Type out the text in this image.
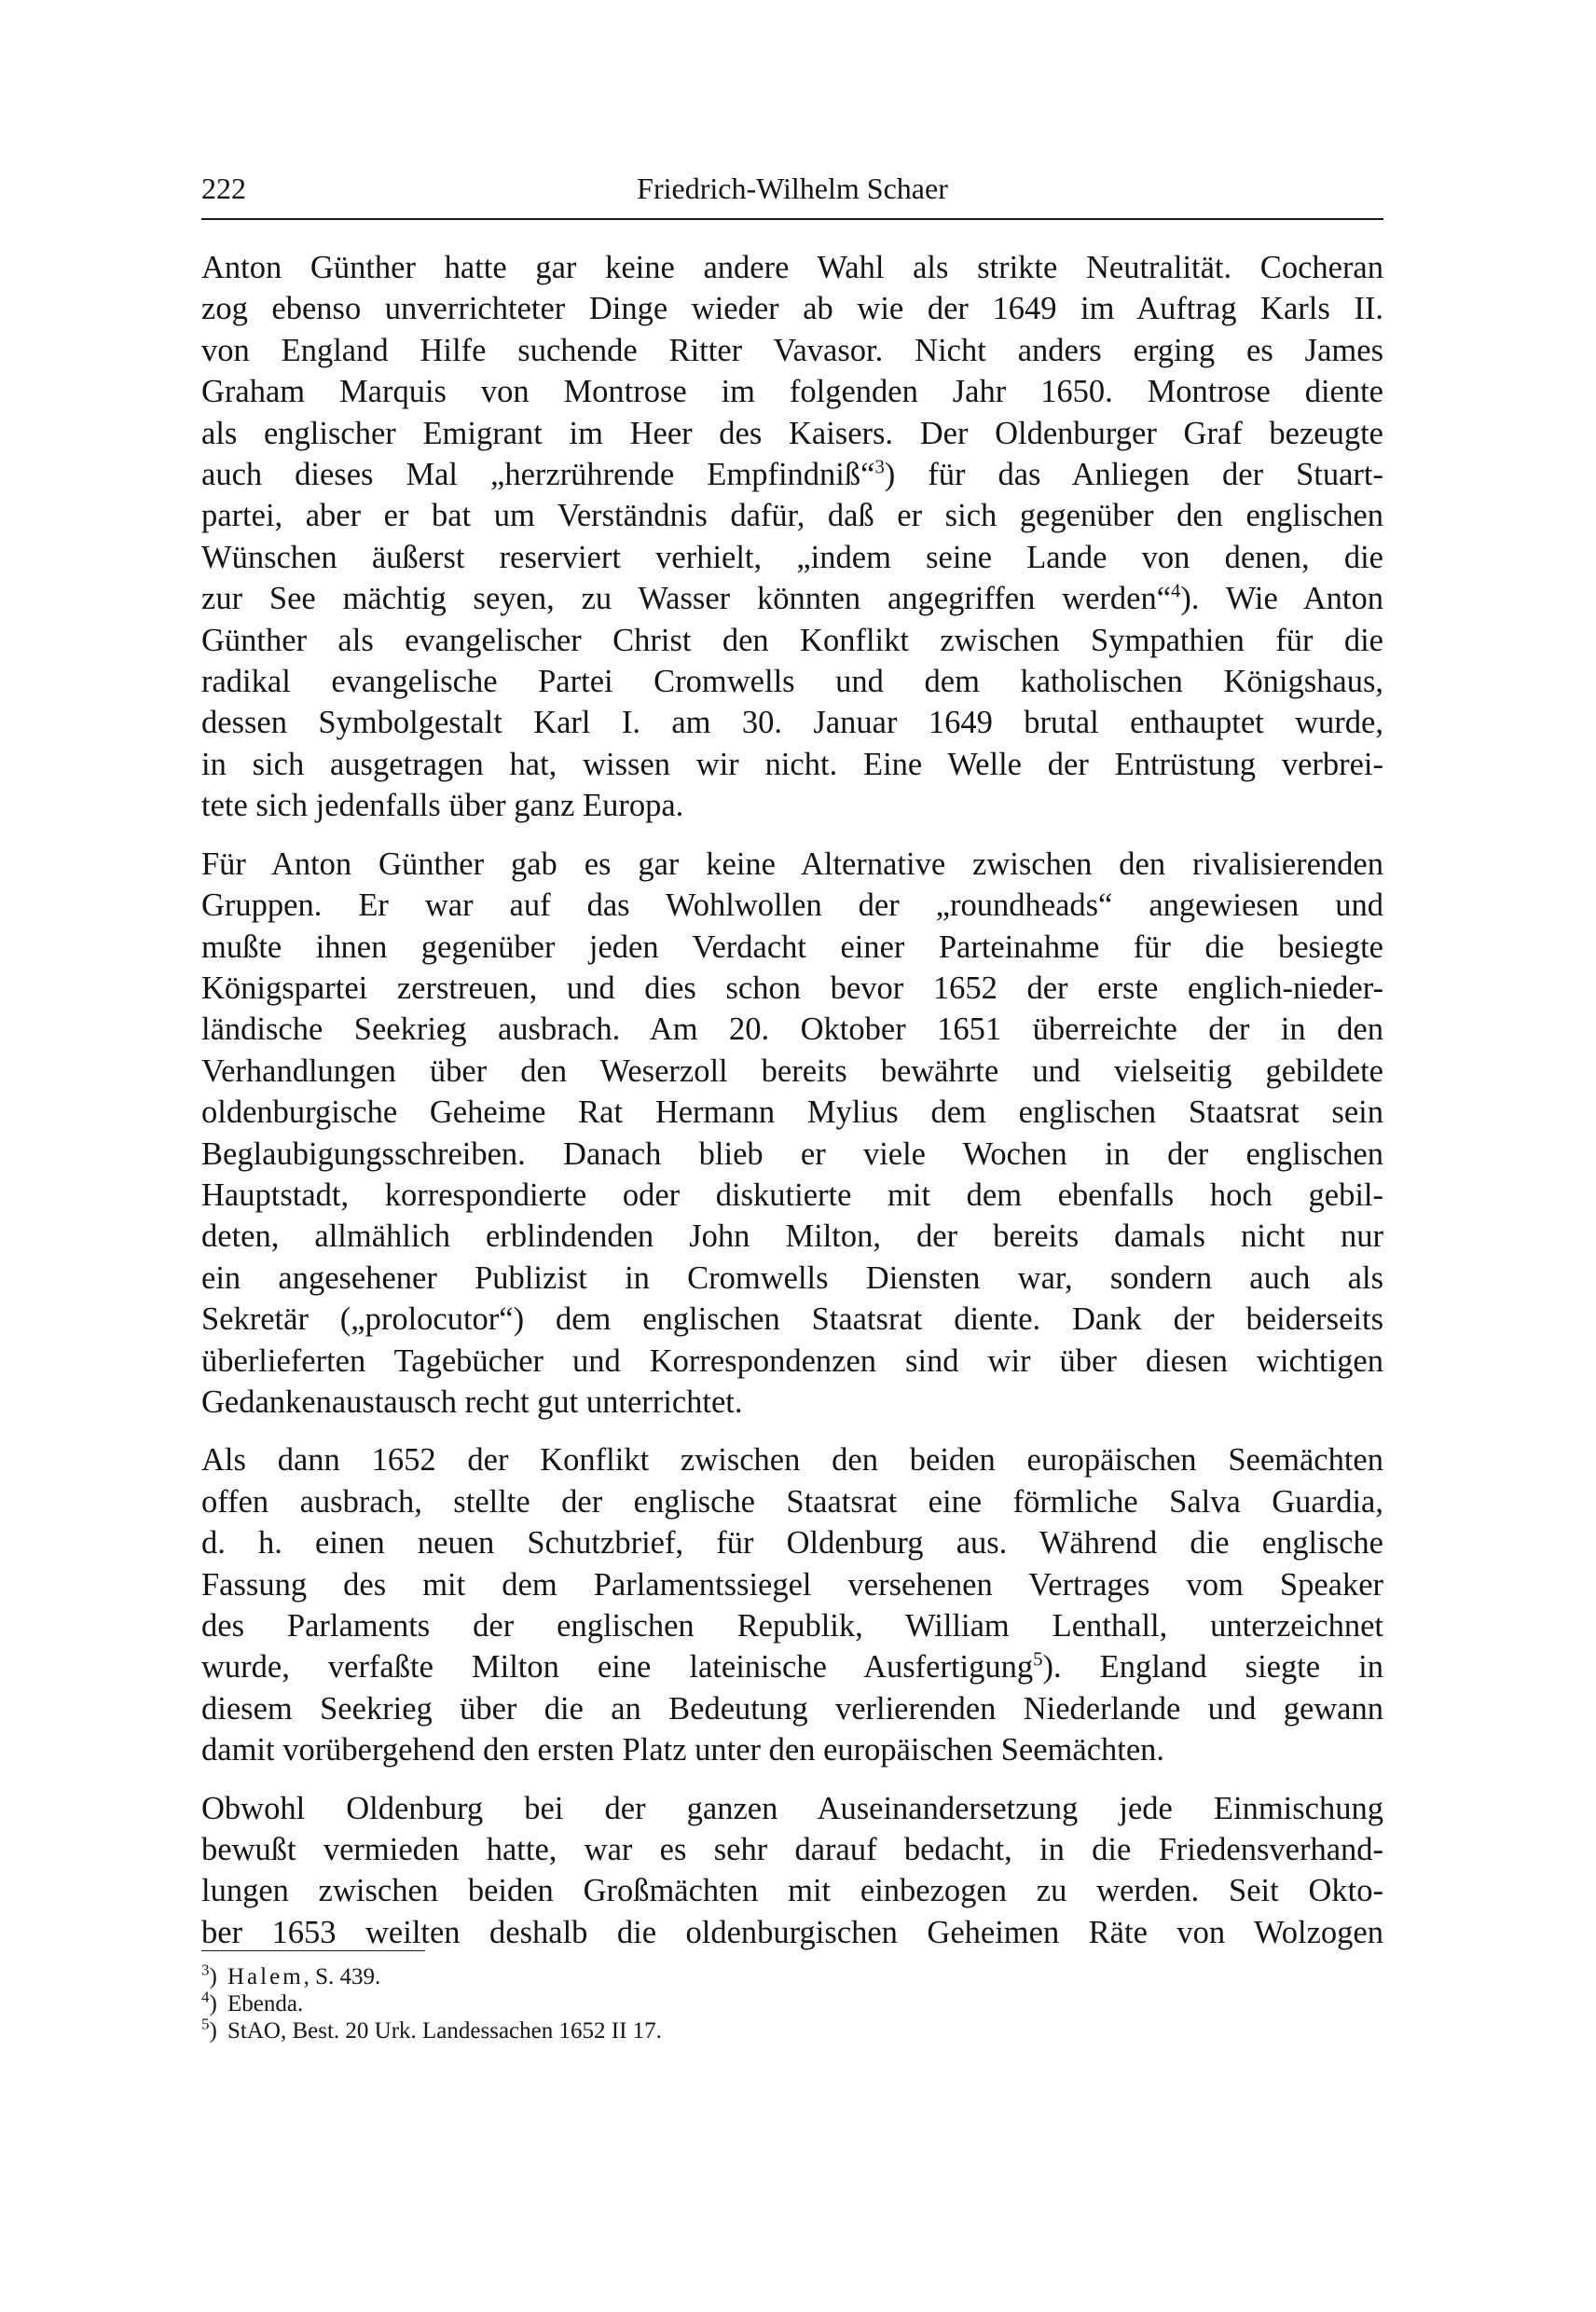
222	Friedrich-Wilhelm Schaer
Anton Günther hatte gar keine andere Wahl als strikte Neutralität. Cocheran
zog ebenso unverrichteter Dinge wieder ab wie der 1649 im Auftrag Karls II.
von England Hilfe suchende Ritter Vavasor. Nicht anders erging es James
Graham Marquis von Montrose im folgenden Jahr 1650. Montrose diente
als englischer Emigrant im Heer des Kaisers. Der Oldenburger Graf bezeugte
auch dieses Mal „herzrührende Empfindniß“$^3$) für das Anliegen der Stuart-
partei, aber er bat um Verständnis dafür, daß er sich gegenüber den englischen
Wünschen äußerst reserviert verhielt, „indem seine Lande von denen, die
zur See mächtig seyen, zu Wasser könnten angegriffen werden“$^4$). Wie Anton
Günther als evangelischer Christ den Konflikt zwischen Sympathien für die
radikal evangelische Partei Cromwells und dem katholischen Königshaus,
dessen Symbolgestalt Karl I. am 30. Januar 1649 brutal enthauptet wurde,
in sich ausgetragen hat, wissen wir nicht. Eine Welle der Entrüstung verbrei-
tete sich jedenfalls über ganz Europa.
Für Anton Günther gab es gar keine Alternative zwischen den rivalisierenden
Gruppen. Er war auf das Wohlwollen der „roundheads“ angewiesen und
mußte ihnen gegenüber jeden Verdacht einer Parteinahme für die besiegte
Königspartei zerstreuen, und dies schon bevor 1652 der erste englich-nieder-
ländische Seekrieg ausbrach. Am 20. Oktober 1651 überreichte der in den
Verhandlungen über den Weserzoll bereits bewährte und vielseitig gebildete
oldenburgische Geheime Rat Hermann Mylius dem englischen Staatsrat sein
Beglaubigungsschreiben. Danach blieb er viele Wochen in der englischen
Hauptstadt, korrespondierte oder diskutierte mit dem ebenfalls hoch gebil-
deten, allmählich erblindenden John Milton, der bereits damals nicht nur
ein angesehener Publizist in Cromwells Diensten war, sondern auch als
Sekretär („prolocutor“) dem englischen Staatsrat diente. Dank der beiderseits
überlieferten Tagebücher und Korrespondenzen sind wir über diesen wichtigen
Gedankenaustausch recht gut unterrichtet.
Als dann 1652 der Konflikt zwischen den beiden europäischen Seemächten
offen ausbrach, stellte der englische Staatsrat eine förmliche Salva Guardia,
d. h. einen neuen Schutzbrief, für Oldenburg aus. Während die englische
Fassung des mit dem Parlamentssiegel versehenen Vertrages vom Speaker
des Parlaments der englischen Republik, William Lenthall, unterzeichnet
wurde, verfaßte Milton eine lateinische Ausfertigung$^5$). England siegte in
diesem Seekrieg über die an Bedeutung verlierenden Niederlande und gewann
damit vorübergehend den ersten Platz unter den europäischen Seemächten.
Obwohl Oldenburg bei der ganzen Auseinandersetzung jede Einmischung
bewußt vermieden hatte, war es sehr darauf bedacht, in die Friedensverhand-
lungen zwischen beiden Großmächten mit einbezogen zu werden. Seit Okto-
ber 1653 weilten deshalb die oldenburgischen Geheimen Räte von Wolzogen
$^3$) Halem, S. 439.
$^4$) Ebenda.
$^5$) StAO, Best. 20 Urk. Landessachen 1652 II 17.
